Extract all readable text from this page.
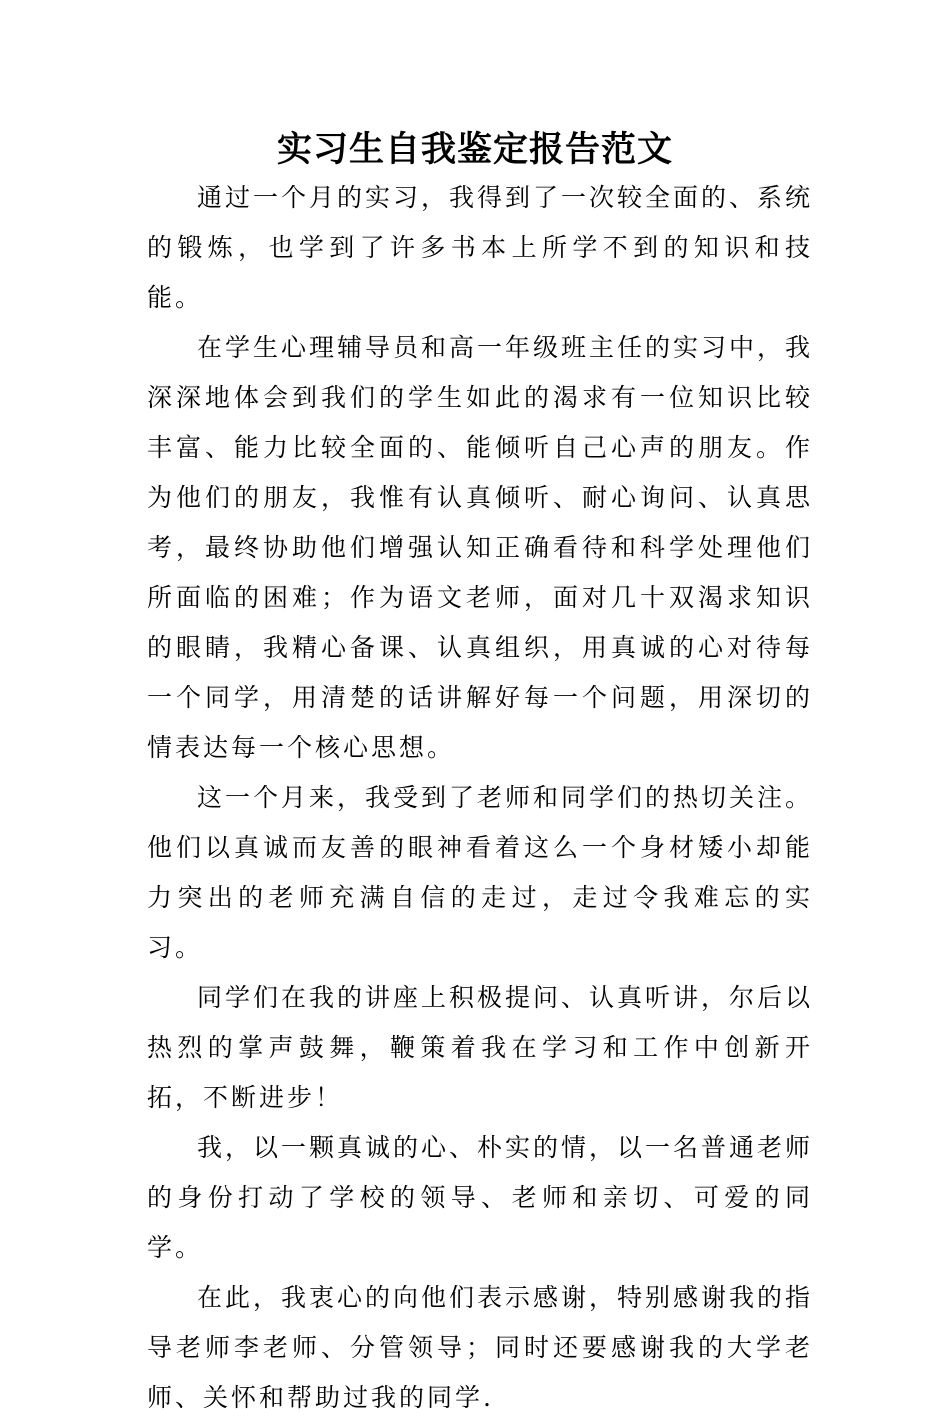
实习生自我鉴定报告范文

通过一个月的实习，我得到了一次较全面的、系统的锻炼，也学到了许多书本上所学不到的知识和技能。

在学生心理辅导员和高一年级班主任的实习中，我深深地体会到我们的学生如此的渴求有一位知识比较丰富、能力比较全面的、能倾听自己心声的朋友。作为他们的朋友，我惟有认真倾听、耐心询问、认真思考，最终协助他们增强认知正确看待和科学处理他们所面临的困难；作为语文老师，面对几十双渴求知识的眼睛，我精心备课、认真组织，用真诚的心对待每一个同学，用清楚的话讲解好每一个问题，用深切的情表达每一个核心思想。

这一个月来，我受到了老师和同学们的热切关注。他们以真诚而友善的眼神看着这么一个身材矮小却能力突出的老师充满自信的走过，走过令我难忘的实习。

同学们在我的讲座上积极提问、认真听讲，尔后以热烈的掌声鼓舞，鞭策着我在学习和工作中创新开拓，不断进步！

我，以一颗真诚的心、朴实的情，以一名普通老师的身份打动了学校的领导、老师和亲切、可爱的同学。

在此，我衷心的向他们表示感谢，特别感谢我的指导老师李老师、分管领导；同时还要感谢我的大学老师、关怀和帮助过我的同学.
